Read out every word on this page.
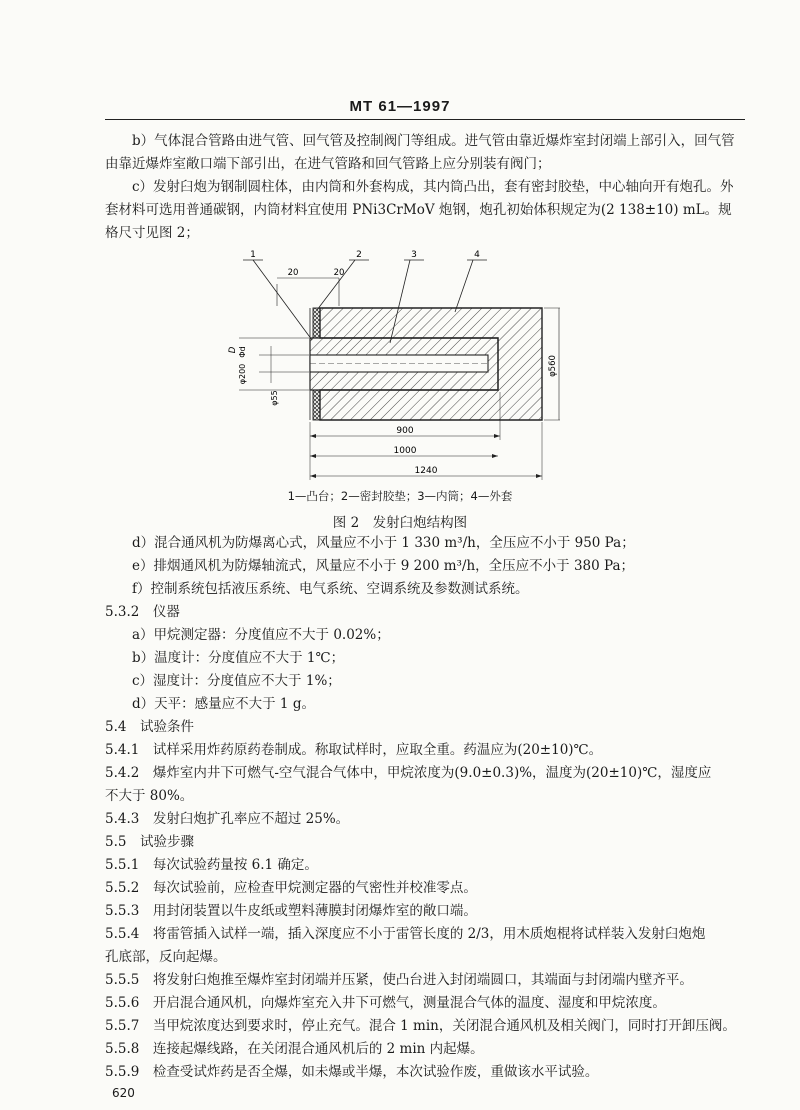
MT 61—1997

b）气体混合管路由进气管、回气管及控制阀门等组成。进气管由靠近爆炸室封闭端上部引入，回气管由靠近爆炸室敞口端下部引出，在进气管路和回气管路上应分别装有阀门；

c）发射臼炮为钢制圆柱体，由内筒和外套构成，其内筒凸出，套有密封胶垫，中心轴向开有炮孔。外套材料可选用普通碳钢，内筒材料宜使用 PNi3CrMoV 炮钢，炮孔初始体积规定为(2 138±10) mL。规格尺寸见图 2；

1	2	3	4
20	20
D Φd
φ200
φ55
φ560
900
1000
1240
1—凸台；2—密封胶垫；3—内筒；4—外套
图 2　发射臼炮结构图
d）混合通风机为防爆离心式，风量应不小于 1 330 m³/h，全压应不小于 950 Pa；
e）排烟通风机为防爆轴流式，风量应不小于 9 200 m³/h，全压应不小于 380 Pa；
f）控制系统包括液压系统、电气系统、空调系统及参数测试系统。
5.3.2　 仪器
a）甲烷测定器：分度值应不大于 0.02%；
b）温度计：分度值应不大于 1℃；
c）湿度计：分度值应不大于 1%；
d）天平：感量应不大于 1 g。
5.4　 试验条件
5.4.1　 试样采用炸药原药卷制成。称取试样时，应取全重。药温应为(20±10)℃。
5.4.2　 爆炸室内井下可燃气-空气混合气体中，甲烷浓度为(9.0±0.3)%，温度为(20±10)℃，湿度应
不大于 80%。
5.4.3　 发射臼炮扩孔率应不超过 25%。
5.5　 试验步骤
5.5.1　 每次试验药量按 6.1 确定。
5.5.2　 每次试验前，应检查甲烷测定器的气密性并校准零点。
5.5.3　 用封闭装置以牛皮纸或塑料薄膜封闭爆炸室的敞口端。
5.5.4　 将雷管插入试样一端，插入深度应不小于雷管长度的 2/3，用木质炮棍将试样装入发射臼炮炮
孔底部，反向起爆。
5.5.5　 将发射臼炮推至爆炸室封闭端并压紧，使凸台进入封闭端圆口，其端面与封闭端内壁齐平。
5.5.6　 开启混合通风机，向爆炸室充入井下可燃气，测量混合气体的温度、湿度和甲烷浓度。
5.5.7　 当甲烷浓度达到要求时，停止充气。混合 1 min，关闭混合通风机及相关阀门，同时打开卸压阀。
5.5.8　 连接起爆线路，在关闭混合通风机后的 2 min 内起爆。
5.5.9　 检查受试炸药是否全爆，如未爆或半爆，本次试验作废，重做该水平试验。
620
